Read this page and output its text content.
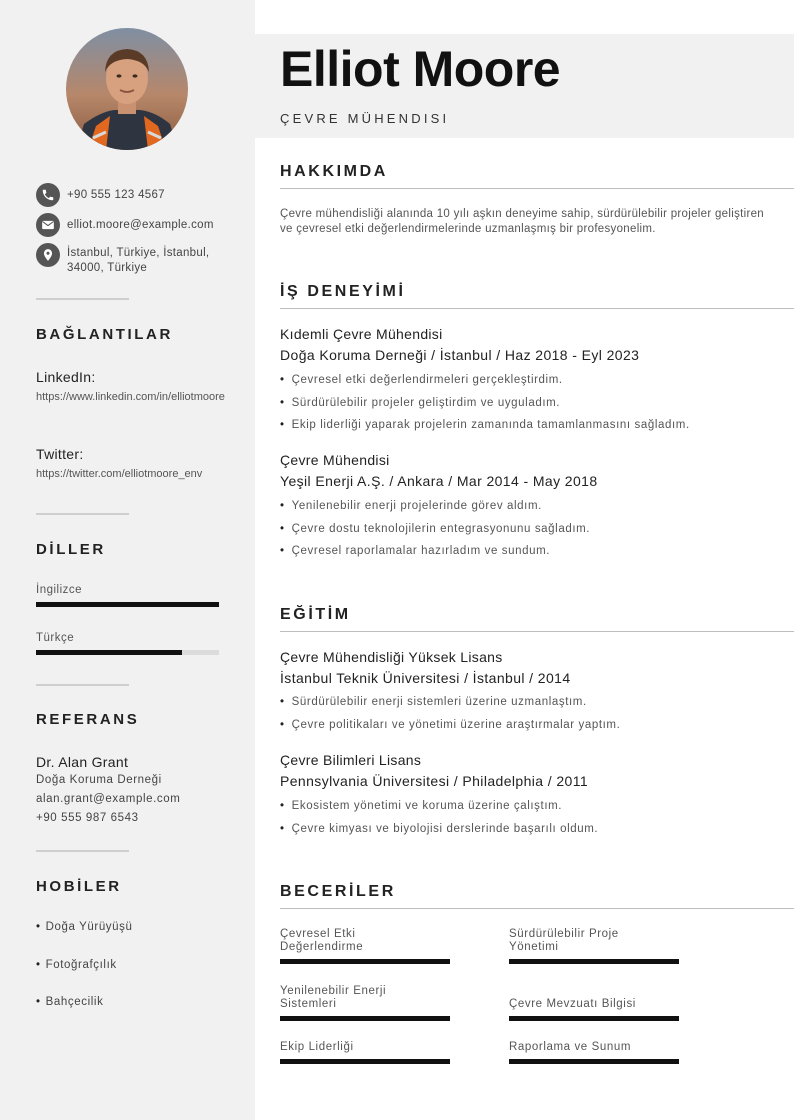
+90 555 123 4567
elliot.moore@example.com
İstanbul, Türkiye, İstanbul, 34000, Türkiye
BAĞLANTILAR
LinkedIn:
https://www.linkedin.com/in/elliotmoore
Twitter:
https://twitter.com/elliotmoore_env
DİLLER
İngilizce
Türkçe
REFERANS
Dr. Alan Grant
Doğa Koruma Derneği
alan.grant@example.com
+90 555 987 6543
HOBİLER
• Doğa Yürüyüşü
• Fotoğrafçılık
• Bahçecilik
Elliot Moore
ÇEVRE MÜHENDISI
HAKKIMDA
Çevre mühendisliği alanında 10 yılı aşkın deneyime sahip, sürdürülebilir projeler geliştiren ve çevresel etki değerlendirmelerinde uzmanlaşmış bir profesyonelim.
İŞ DENEYİMİ
Kıdemli Çevre Mühendisi
Doğa Koruma Derneği / İstanbul / Haz 2018 - Eyl 2023
• Çevresel etki değerlendirmeleri gerçekleştirdim.
• Sürdürülebilir projeler geliştirdim ve uyguladım.
• Ekip liderliği yaparak projelerin zamanında tamamlanmasını sağladım.
Çevre Mühendisi
Yeşil Enerji A.Ş. / Ankara / Mar 2014 - May 2018
• Yenilenebilir enerji projelerinde görev aldım.
• Çevre dostu teknolojilerin entegrasyonunu sağladım.
• Çevresel raporlamalar hazırladım ve sundum.
EĞİTİM
Çevre Mühendisliği Yüksek Lisans
İstanbul Teknik Üniversitesi / İstanbul / 2014
• Sürdürülebilir enerji sistemleri üzerine uzmanlaştım.
• Çevre politikaları ve yönetimi üzerine araştırmalar yaptım.
Çevre Bilimleri Lisans
Pennsylvania Üniversitesi / Philadelphia / 2011
• Ekosistem yönetimi ve koruma üzerine çalıştım.
• Çevre kimyası ve biyolojisi derslerinde başarılı oldum.
BECERİLER
Çevresel Etki Değerlendirme
Sürdürülebilir Proje Yönetimi
Yenilenebilir Enerji Sistemleri	Çevre Mevzuatı Bilgisi
Ekip Liderliği	Raporlama ve Sunum
